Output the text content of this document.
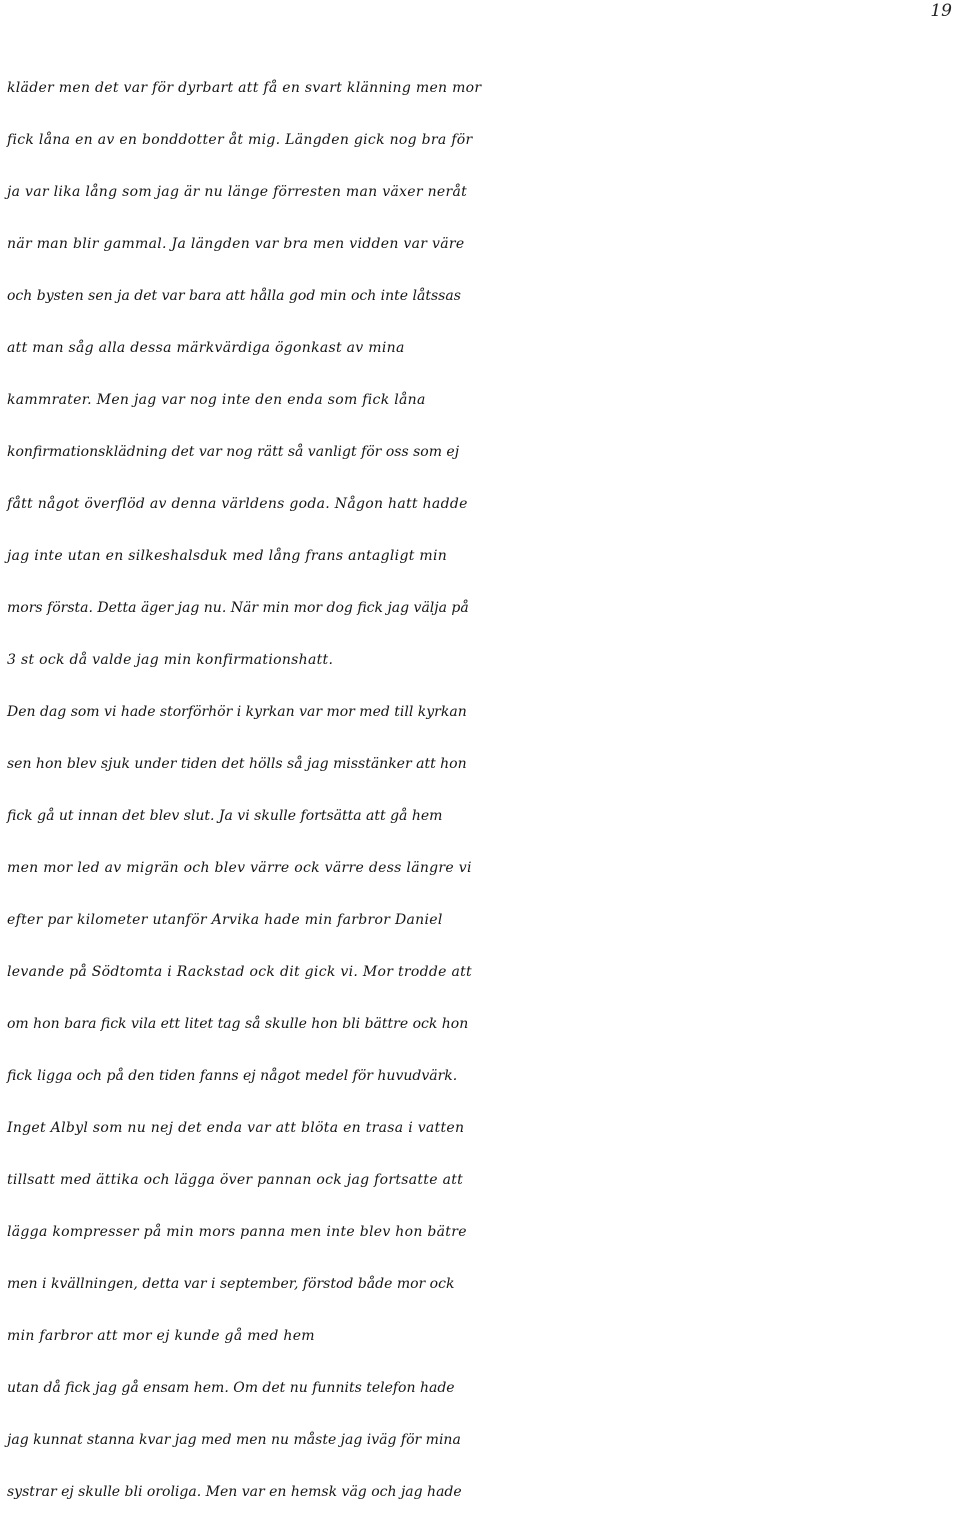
19
kläder men det var för dyrbart att få en svart klänning men mor
fick låna en av en bonddotter åt mig. Längden gick nog bra för
ja var lika lång som jag är nu länge förresten man växer neråt
när man blir gammal. Ja längden var bra men vidden var väre
och bysten sen ja det var bara att hålla god min och inte låtssas
att man såg alla dessa märkvärdiga ögonkast av mina
kammrater. Men jag var nog inte den enda som fick låna
konfirmationsklädning det var nog rätt så vanligt för oss som ej
fått något överflöd av denna världens goda. Någon hatt hadde
jag inte utan en silkeshalsduk med lång frans antagligt min
mors första. Detta äger jag nu. När min mor dog fick jag välja på
3 st ock då valde jag min konfirmationshatt.
Den dag som vi hade storförhör i kyrkan var mor med till kyrkan
sen hon blev sjuk under tiden det hölls så jag misstänker att hon
fick gå ut innan det blev slut. Ja vi skulle fortsätta att gå hem
men mor led av migrän och blev värre ock värre dess längre vi
efter par kilometer utanför Arvika hade min farbror Daniel
levande på Södtomta i Rackstad ock dit gick vi. Mor trodde att
om hon bara fick vila ett litet tag så skulle hon bli bättre ock hon
fick ligga och på den tiden fanns ej något medel för huvudvärk.
Inget Albyl som nu nej det enda var att blöta en trasa i vatten
tillsatt med ättika och lägga över pannan ock jag fortsatte att
lägga kompresser på min mors panna men inte blev hon bätre
men i kvällningen, detta var i september, förstod både mor ock
min farbror att mor ej kunde gå med hem
utan då fick jag gå ensam hem. Om det nu funnits telefon hade
jag kunnat stanna kvar jag med men nu måste jag iväg för mina
systrar ej skulle bli oroliga. Men var en hemsk väg och jag hade
